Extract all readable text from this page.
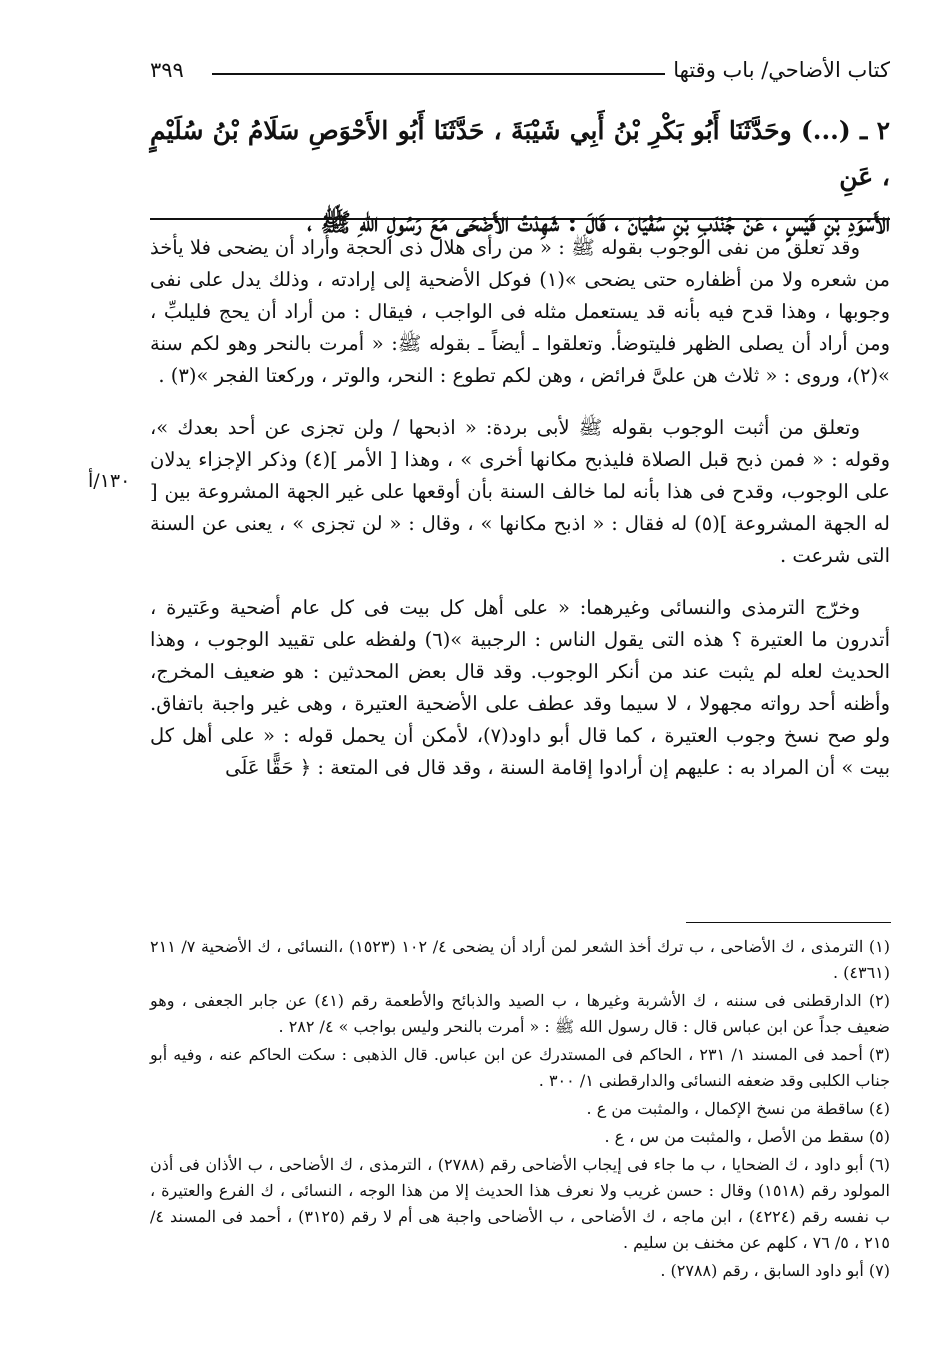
كتاب الأضاحي/ باب وقتها
٣٩٩

٢ ـ (...) وحَدَّثَنَا أَبُو بَكْرِ بْنُ أَبِي شَيْبَةَ ، حَدَّثَنَا أَبُو الأَحْوَصِ سَلَامُ بْنُ سُلَيْمٍ ، عَنِ

الأَسْوَدِ بْنِ قَيْسٍ ، عَنْ جُنْدَبِ بْنِ سُفْيَانَ ، قَالَ : شَهِدْتُ الأَضْحَى مَعَ رَسُولِ اللهِ ﷺ ،

١٣٠/أ

وقد تعلق من نفى الوجوب بقوله ﷺ : « من رأى هلال ذى الحجة وأراد أن يضحى فلا يأخذ من شعره ولا من أظفاره حتى يضحى »(١) فوكل الأضحية إلى إرادته ، وذلك يدل على نفى وجوبها ، وهذا قدح فيه بأنه قد يستعمل مثله فى الواجب ، فيقال : من أراد أن يحج فليلبِّ ، ومن أراد أن يصلى الظهر فليتوضأ. وتعلقوا ـ أيضاً ـ بقوله ﷺ: « أمرت بالنحر وهو لكم سنة »(٢)، وروى : « ثلاث هن علىَّ فرائض ، وهن لكم تطوع : النحر، والوتر ، وركعتا الفجر »(٣) .

وتعلق من أثبت الوجوب بقوله ﷺ لأبى بردة: « اذبحها / ولن تجزى عن أحد بعدك »، وقوله : « فمن ذبح قبل الصلاة فليذبح مكانها أخرى » ، وهذا [ الأمر ](٤) وذكر الإجزاء يدلان على الوجوب، وقدح فى هذا بأنه لما خالف السنة بأن أوقعها على غير الجهة المشروعة بين [ له الجهة المشروعة ](٥) له فقال : « اذبح مكانها » ، وقال : « لن تجزى » ، يعنى عن السنة التى شرعت .

وخرّج الترمذى والنسائى وغيرهما: « على أهل كل بيت فى كل عام أضحية وعَتيرة ، أتدرون ما العتيرة ؟ هذه التى يقول الناس : الرجبية »(٦) ولفظه على تقييد الوجوب ، وهذا الحديث لعله لم يثبت عند من أنكر الوجوب. وقد قال بعض المحدثين : هو ضعيف المخرج، وأظنه أحد رواته مجهولا ، لا سيما وقد عطف على الأضحية العتيرة ، وهى غير واجبة باتفاق. ولو صح نسخ وجوب العتيرة ، كما قال أبو داود(٧)، لأمكن أن يحمل قوله : « على أهل كل بيت » أن المراد به : عليهم إن أرادوا إقامة السنة ، وقد قال فى المتعة : ﴿ حَقًّا عَلَى

(١) الترمذى ، ك الأضاحى ، ب ترك أخذ الشعر لمن أراد أن يضحى ٤/ ١٠٢ (١٥٢٣) ،النسائى ، ك الأضحية ٧/ ٢١١ (٤٣٦١) .
(٢) الدارقطنى فى سننه ، ك الأشربة وغيرها ، ب الصيد والذبائح والأطعمة رقم (٤١) عن جابر الجعفى ، وهو ضعيف جداً عن ابن عباس قال : قال رسول الله ﷺ : « أمرت بالنحر وليس بواجب » ٤/ ٢٨٢ .
(٣) أحمد فى المسند ١/ ٢٣١ ، الحاكم فى المستدرك عن ابن عباس. قال الذهبى : سكت الحاكم عنه ، وفيه أبو جناب الكلبى وقد ضعفه النسائى والدارقطنى ١/ ٣٠٠ .
(٤) ساقطة من نسخ الإكمال ، والمثبت من ع .
(٥) سقط من الأصل ، والمثبت من س ، ع .
(٦) أبو داود ، ك الضحايا ، ب ما جاء فى إيجاب الأضاحى رقم (٢٧٨٨) ، الترمذى ، ك الأضاحى ، ب الأذان فى أذن المولود رقم (١٥١٨) وقال : حسن غريب ولا نعرف هذا الحديث إلا من هذا الوجه ، النسائى ، ك الفرع والعتيرة ، ب نفسه رقم (٤٢٢٤) ، ابن ماجه ، ك الأضاحى ، ب الأضاحى واجبة هى أم لا رقم (٣١٢٥) ، أحمد فى المسند ٤/ ٢١٥ ، ٥/ ٧٦ ، كلهم عن مخنف بن سليم .
(٧) أبو داود السابق ، رقم (٢٧٨٨) .
